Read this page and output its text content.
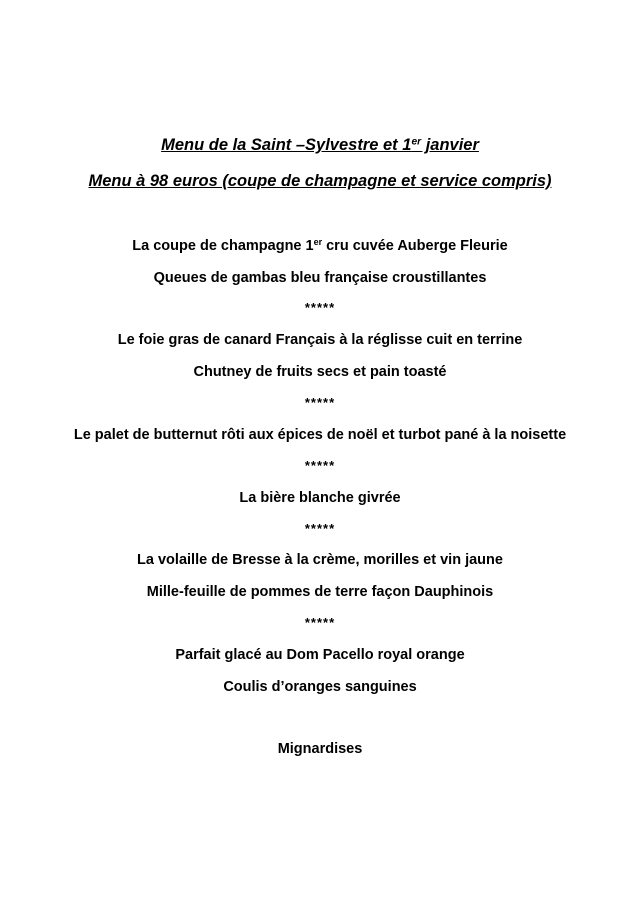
Menu de la Saint –Sylvestre et 1er janvier
Menu à 98 euros (coupe de champagne et service compris)
La coupe de champagne 1er cru cuvée Auberge Fleurie
Queues de gambas bleu française croustillantes
*****
Le foie gras de canard Français à la réglisse cuit en terrine
Chutney de fruits secs et pain toasté
*****
Le palet de butternut rôti aux épices de noël et turbot pané à la noisette
*****
La bière blanche givrée
*****
La volaille de Bresse à la crème, morilles et vin jaune
Mille-feuille de pommes de terre façon Dauphinois
*****
Parfait glacé au Dom Pacello royal orange
Coulis d’oranges sanguines
Mignardises
